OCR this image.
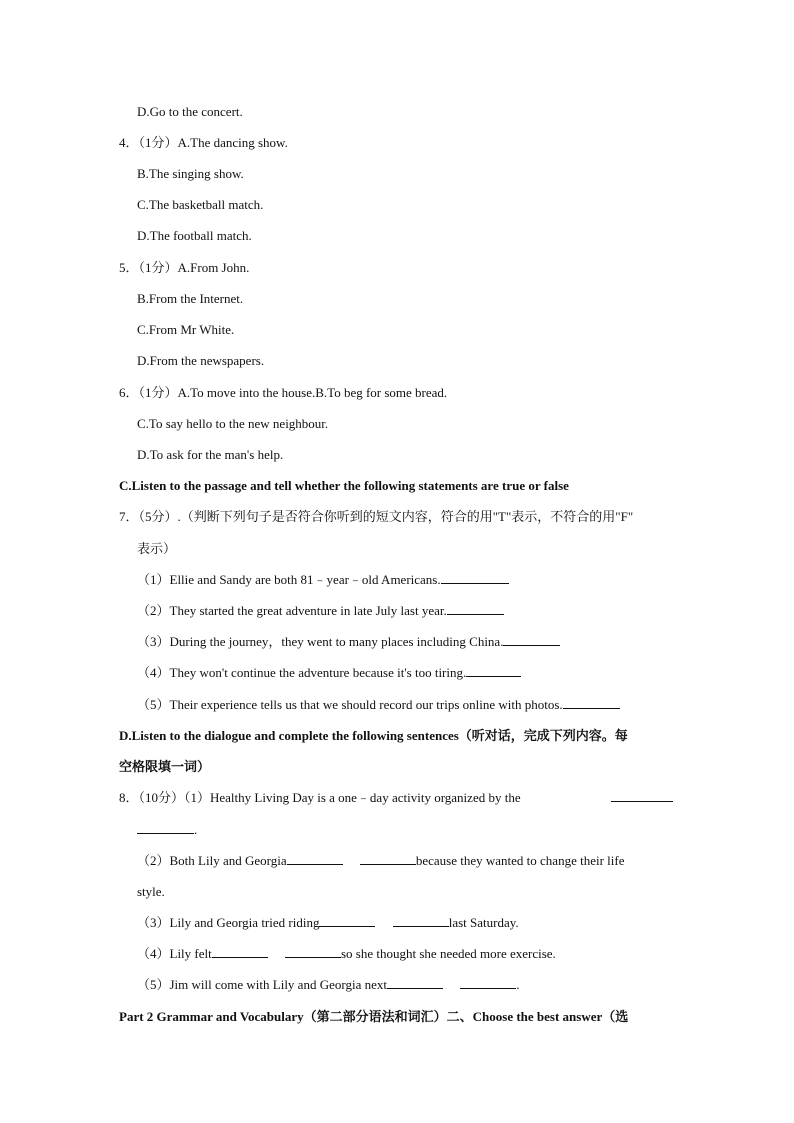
D.Go to the concert.
4．（1分）A.The dancing show.
B.The singing show.
C.The basketball match.
D.The football match.
5．（1分）A.From John.
B.From the Internet.
C.From Mr White.
D.From the newspapers.
6．（1分）A.To move into the house.B.To beg for some bread.
C.To say hello to the new neighbour.
D.To ask for the man's help.
C.Listen to the passage and tell whether the following statements are true or false
7．（5分）.（判断下列句子是否符合你听到的短文内容，符合的用"T"表示，不符合的用"F"
表示）
（1）Ellie and Sandy are both 81﹣year﹣old Americans.
（2）They started the great adventure in late July last year.
（3）During the journey，they went to many places including China.
（4）They won't continue the adventure because it's too tiring.
（5）Their experience tells us that we should record our trips online with photos.
D.Listen to the dialogue and complete the following sentences（听对话，完成下列内容。每
空格限填一词）
8．（10分）（1）Healthy Living Day is a one﹣day activity organized by the
.
（2）Both Lily and Georgia	because they wanted to change their life
style.
（3）Lily and Georgia tried riding	last Saturday.
（4）Lily felt	so she thought she needed more exercise.
（5）Jim will come with Lily and Georgia next	.
Part 2 Grammar and Vocabulary（第二部分语法和词汇）二、Choose the best answer（选
